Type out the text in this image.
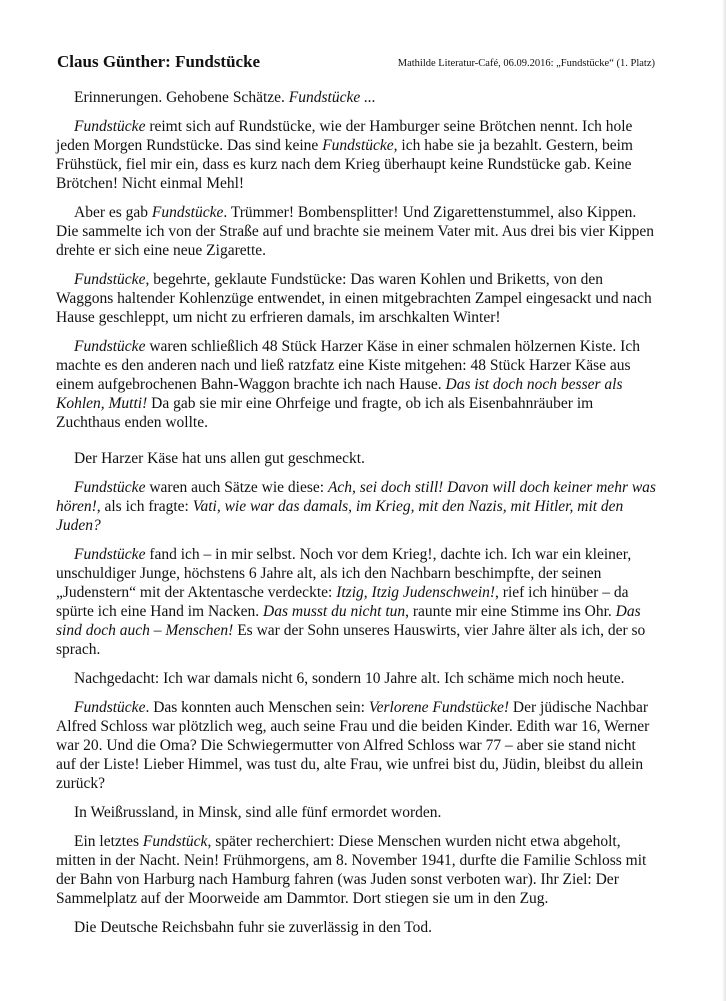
Claus Günther: Fundstücke	Mathilde Literatur-Café, 06.09.2016: „Fundstücke“ (1. Platz)

Erinnerungen. Gehobene Schätze. Fundstücke ...

Fundstücke reimt sich auf Rundstücke, wie der Hamburger seine Brötchen nennt. Ich hole jeden Morgen Rundstücke. Das sind keine Fundstücke, ich habe sie ja bezahlt. Gestern, beim Frühstück, fiel mir ein, dass es kurz nach dem Krieg überhaupt keine Rundstücke gab. Keine Brötchen! Nicht einmal Mehl!

Aber es gab Fundstücke. Trümmer! Bombensplitter! Und Zigarettenstummel, also Kippen. Die sammelte ich von der Straße auf und brachte sie meinem Vater mit. Aus drei bis vier Kippen drehte er sich eine neue Zigarette.

Fundstücke, begehrte, geklaute Fundstücke: Das waren Kohlen und Briketts, von den Waggons haltender Kohlenzüge entwendet, in einen mitgebrachten Zampel eingesackt und nach Hause geschleppt, um nicht zu erfrieren damals, im arschkalten Winter!

Fundstücke waren schließlich 48 Stück Harzer Käse in einer schmalen hölzernen Kiste. Ich machte es den anderen nach und ließ ratzfatz eine Kiste mitgehen: 48 Stück Harzer Käse aus einem aufgebrochenen Bahn-Waggon brachte ich nach Hause. Das ist doch noch besser als Kohlen, Mutti! Da gab sie mir eine Ohrfeige und fragte, ob ich als Eisenbahnräuber im Zuchthaus enden wollte.

Der Harzer Käse hat uns allen gut geschmeckt.

Fundstücke waren auch Sätze wie diese: Ach, sei doch still! Davon will doch keiner mehr was hören!, als ich fragte: Vati, wie war das damals, im Krieg, mit den Nazis, mit Hitler, mit den Juden?

Fundstücke fand ich – in mir selbst. Noch vor dem Krieg!, dachte ich. Ich war ein kleiner, unschuldiger Junge, höchstens 6 Jahre alt, als ich den Nachbarn beschimpfte, der seinen „Judenstern“ mit der Aktentasche verdeckte: Itzig, Itzig Judenschwein!, rief ich hinüber – da spürte ich eine Hand im Nacken. Das musst du nicht tun, raunte mir eine Stimme ins Ohr. Das sind doch auch – Menschen! Es war der Sohn unseres Hauswirts, vier Jahre älter als ich, der so sprach.

Nachgedacht: Ich war damals nicht 6, sondern 10 Jahre alt. Ich schäme mich noch heute.

Fundstücke. Das konnten auch Menschen sein: Verlorene Fundstücke! Der jüdische Nachbar Alfred Schloss war plötzlich weg, auch seine Frau und die beiden Kinder. Edith war 16, Werner war 20. Und die Oma? Die Schwiegermutter von Alfred Schloss war 77 – aber sie stand nicht auf der Liste! Lieber Himmel, was tust du, alte Frau, wie unfrei bist du, Jüdin, bleibst du allein zurück?

In Weißrussland, in Minsk, sind alle fünf ermordet worden.

Ein letztes Fundstück, später recherchiert: Diese Menschen wurden nicht etwa abgeholt, mitten in der Nacht. Nein! Frühmorgens, am 8. November 1941, durfte die Familie Schloss mit der Bahn von Harburg nach Hamburg fahren (was Juden sonst verboten war). Ihr Ziel: Der Sammelplatz auf der Moorweide am Dammtor. Dort stiegen sie um in den Zug.

Die Deutsche Reichsbahn fuhr sie zuverlässig in den Tod.
